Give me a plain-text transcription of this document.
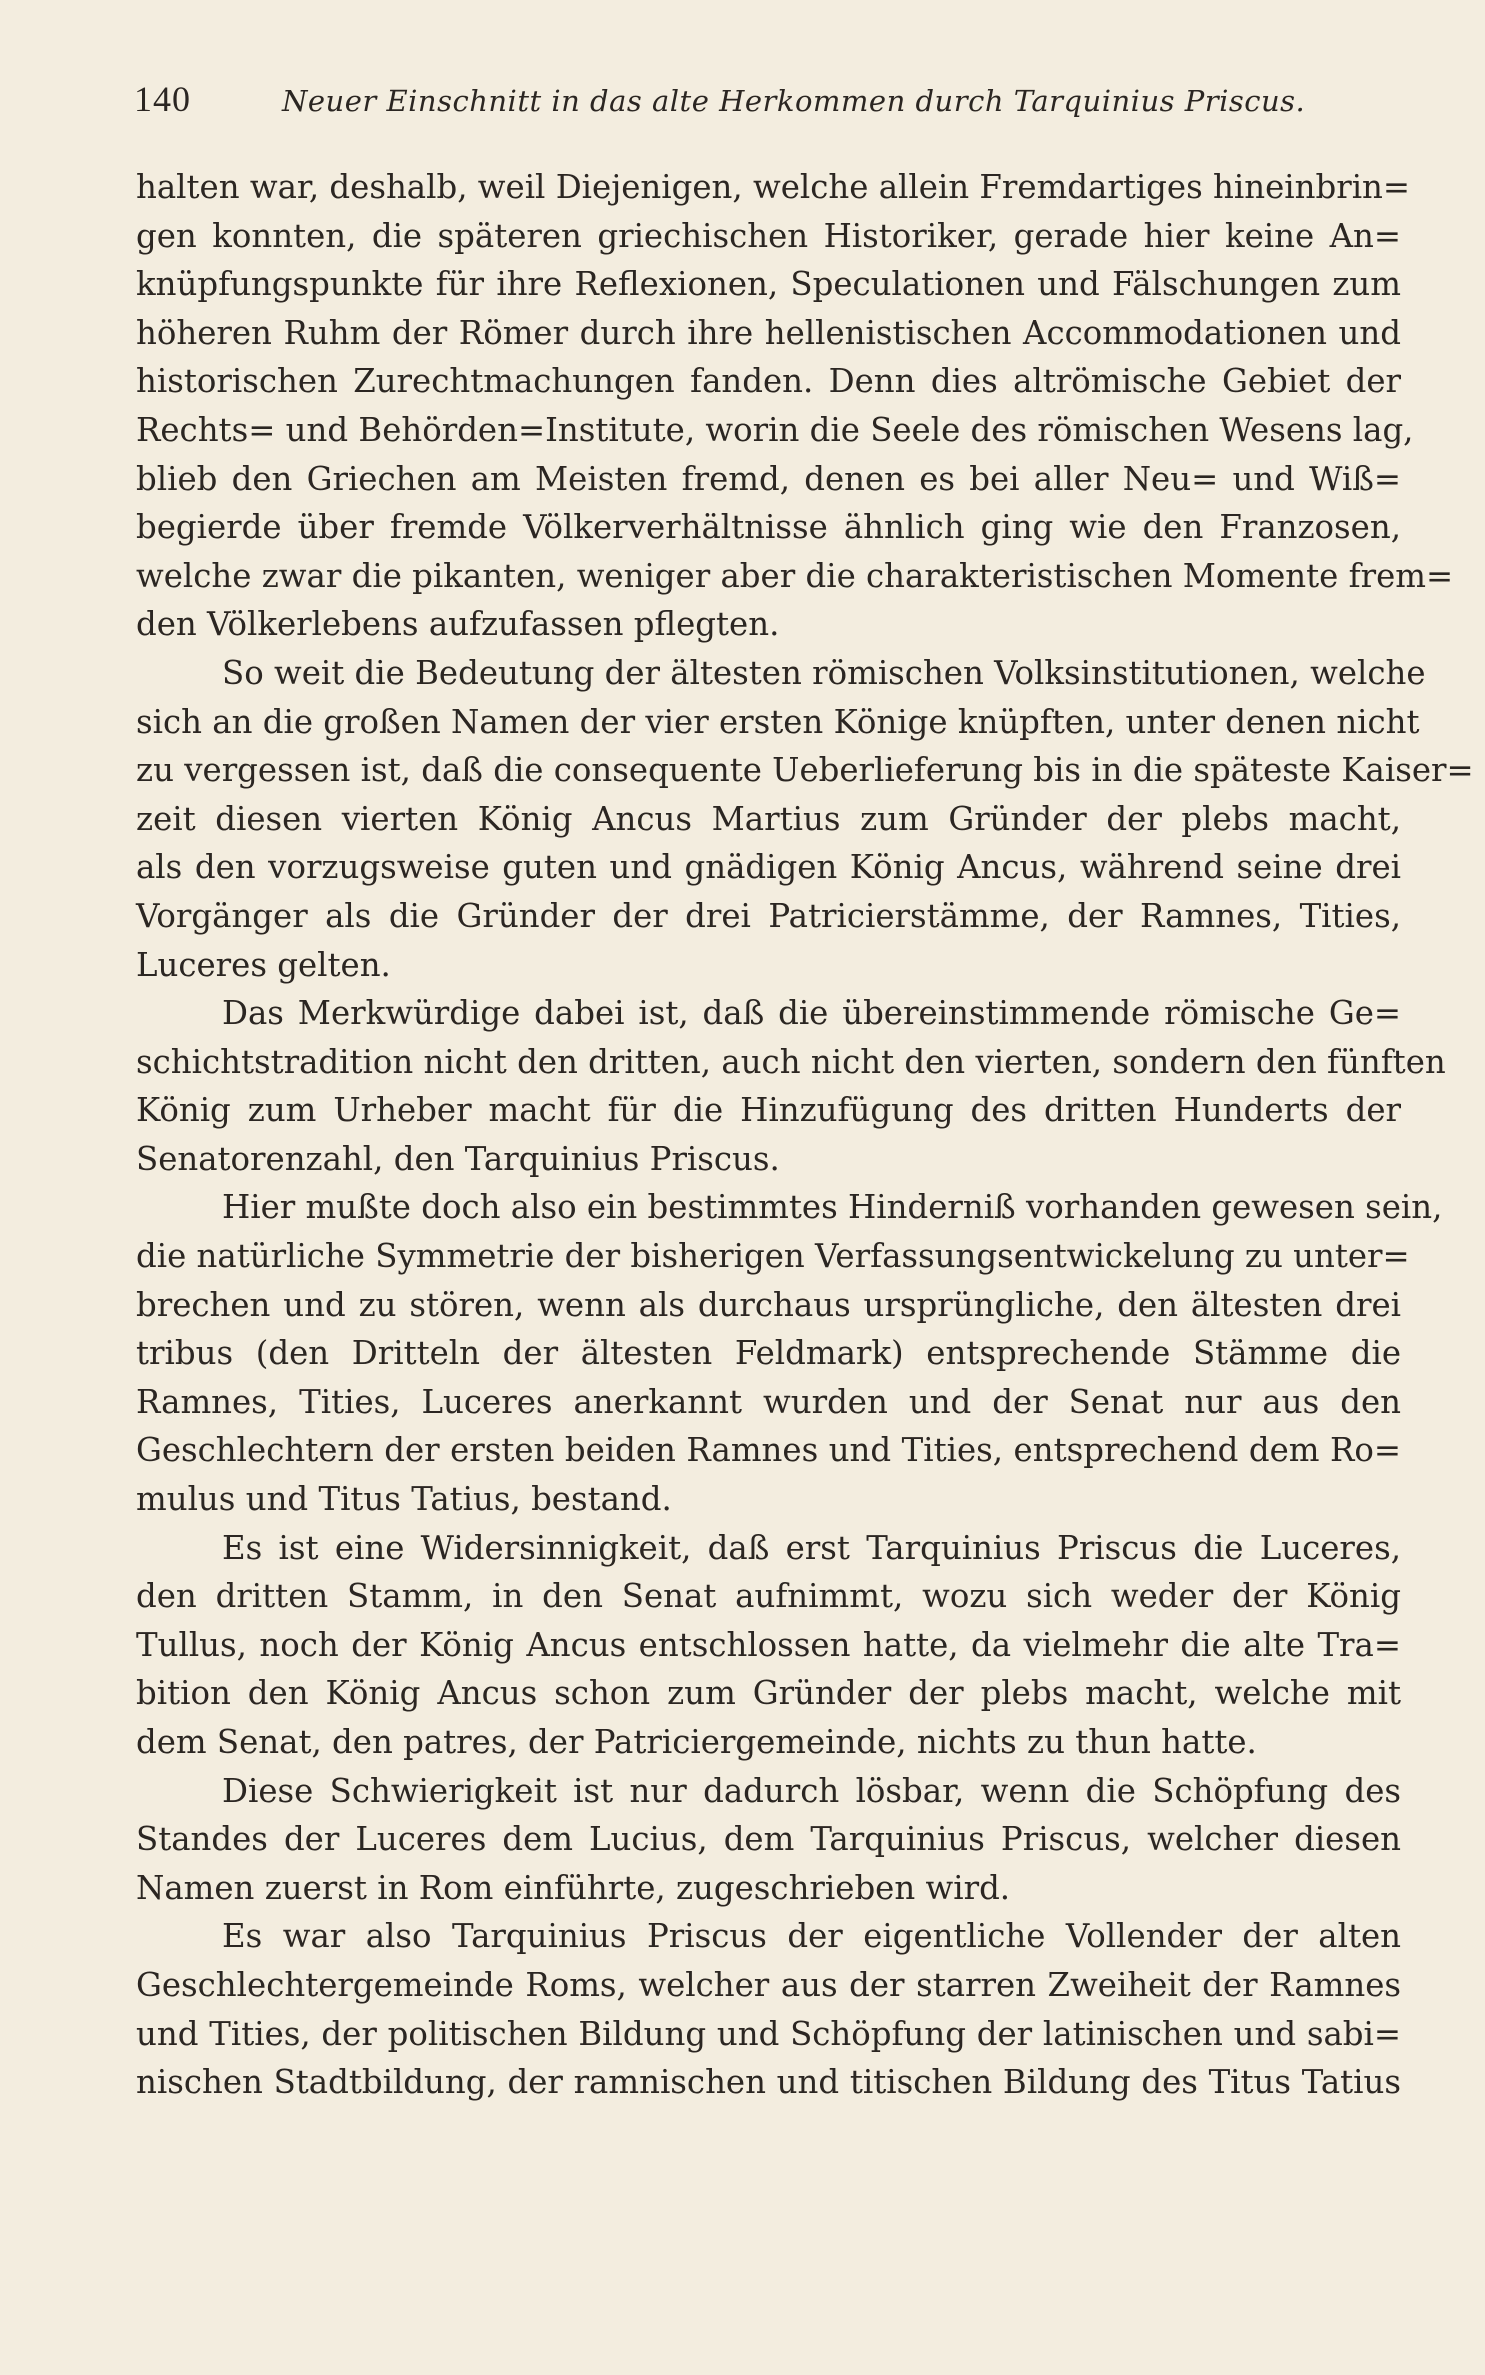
140	Neuer Einschnitt in das alte Herkommen durch Tarquinius Priscus.
halten war, deshalb, weil Diejenigen, welche allein Fremdartiges hineinbrin=
gen konnten, die späteren griechischen Historiker, gerade hier keine An=
knüpfungspunkte für ihre Reflexionen, Speculationen und Fälschungen zum
höheren Ruhm der Römer durch ihre hellenistischen Accommodationen und
historischen Zurechtmachungen fanden. Denn dies altrömische Gebiet der
Rechts= und Behörden=Institute, worin die Seele des römischen Wesens lag,
blieb den Griechen am Meisten fremd, denen es bei aller Neu= und Wiß=
begierde über fremde Völkerverhältnisse ähnlich ging wie den Franzosen,
welche zwar die pikanten, weniger aber die charakteristischen Momente frem=
den Völkerlebens aufzufassen pflegten.
So weit die Bedeutung der ältesten römischen Volksinstitutionen, welche
sich an die großen Namen der vier ersten Könige knüpften, unter denen nicht
zu vergessen ist, daß die consequente Ueberlieferung bis in die späteste Kaiser=
zeit diesen vierten König Ancus Martius zum Gründer der plebs macht,
als den vorzugsweise guten und gnädigen König Ancus, während seine drei
Vorgänger als die Gründer der drei Patricierstämme, der Ramnes, Tities,
Luceres gelten.
Das Merkwürdige dabei ist, daß die übereinstimmende römische Ge=
schichtstradition nicht den dritten, auch nicht den vierten, sondern den fünften
König zum Urheber macht für die Hinzufügung des dritten Hunderts der
Senatorenzahl, den Tarquinius Priscus.
Hier mußte doch also ein bestimmtes Hinderniß vorhanden gewesen sein,
die natürliche Symmetrie der bisherigen Verfassungsentwickelung zu unter=
brechen und zu stören, wenn als durchaus ursprüngliche, den ältesten drei
tribus (den Dritteln der ältesten Feldmark) entsprechende Stämme die
Ramnes, Tities, Luceres anerkannt wurden und der Senat nur aus den
Geschlechtern der ersten beiden Ramnes und Tities, entsprechend dem Ro=
mulus und Titus Tatius, bestand.
Es ist eine Widersinnigkeit, daß erst Tarquinius Priscus die Luceres,
den dritten Stamm, in den Senat aufnimmt, wozu sich weder der König
Tullus, noch der König Ancus entschlossen hatte, da vielmehr die alte Tra=
bition den König Ancus schon zum Gründer der plebs macht, welche mit
dem Senat, den patres, der Patriciergemeinde, nichts zu thun hatte.
Diese Schwierigkeit ist nur dadurch lösbar, wenn die Schöpfung des
Standes der Luceres dem Lucius, dem Tarquinius Priscus, welcher diesen
Namen zuerst in Rom einführte, zugeschrieben wird.
Es war also Tarquinius Priscus der eigentliche Vollender der alten
Geschlechtergemeinde Roms, welcher aus der starren Zweiheit der Ramnes
und Tities, der politischen Bildung und Schöpfung der latinischen und sabi=
nischen Stadtbildung, der ramnischen und titischen Bildung des Titus Tatius
